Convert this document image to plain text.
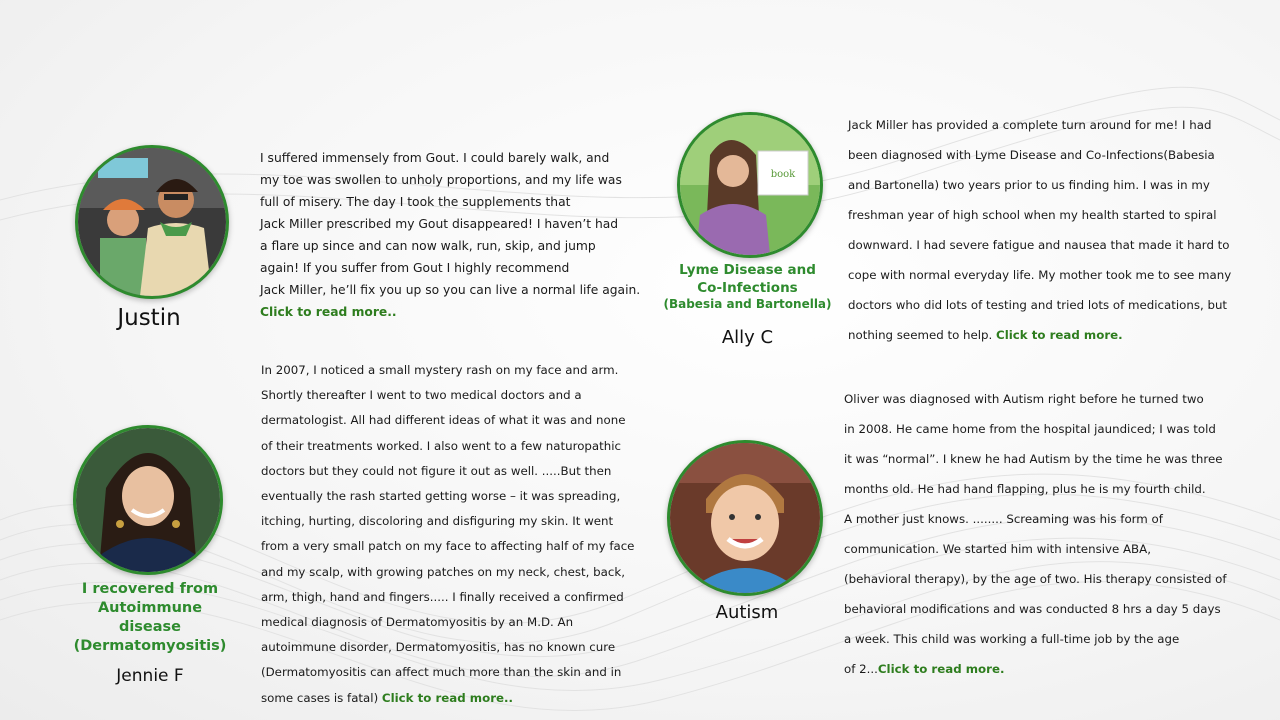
Justin
I suffered immensely from Gout. I could barely walk, and
my toe was swollen to unholy proportions, and my life was
full of misery. The day I took the supplements that
Jack Miller prescribed my Gout disappeared! I haven’t had
a flare up since and can now walk, run, skip, and jump
again! If you suffer from Gout I highly recommend
Jack Miller, he’ll fix you up so you can live a normal life again.
Click to read more..
book
Lyme Disease and
Co-Infections
(Babesia and Bartonella)
Ally C
Jack Miller has provided a complete turn around for me! I had
been diagnosed with Lyme Disease and Co-Infections(Babesia
and Bartonella) two years prior to us finding him. I was in my
freshman year of high school when my health started to spiral
downward. I had severe fatigue and nausea that made it hard to
cope with normal everyday life. My mother took me to see many
doctors who did lots of testing and tried lots of medications, but
nothing seemed to help. Click to read more.
I recovered from
Autoimmune
disease
(Dermatomyositis)
Jennie F
In 2007, I noticed a small mystery rash on my face and arm.
Shortly thereafter I went to two medical doctors and a
dermatologist. All had different ideas of what it was and none
of their treatments worked. I also went to a few naturopathic
doctors but they could not figure it out as well. .....But then
eventually the rash started getting worse – it was spreading,
itching, hurting, discoloring and disfiguring my skin. It went
from a very small patch on my face to affecting half of my face
and my scalp, with growing patches on my neck, chest, back,
arm, thigh, hand and fingers..... I finally received a confirmed
medical diagnosis of Dermatomyositis by an M.D. An
autoimmune disorder, Dermatomyositis, has no known cure
(Dermatomyositis can affect much more than the skin and in
some cases is fatal) Click to read more..
Autism
Oliver was diagnosed with Autism right before he turned two
in 2008. He came home from the hospital jaundiced; I was told
it was “normal”. I knew he had Autism by the time he was three
months old. He had hand flapping, plus he is my fourth child.
A mother just knows. ........ Screaming was his form of
communication. We started him with intensive ABA,
(behavioral therapy), by the age of two. His therapy consisted of
behavioral modifications and was conducted 8 hrs a day 5 days
a week. This child was working a full-time job by the age
of 2...Click to read more.
